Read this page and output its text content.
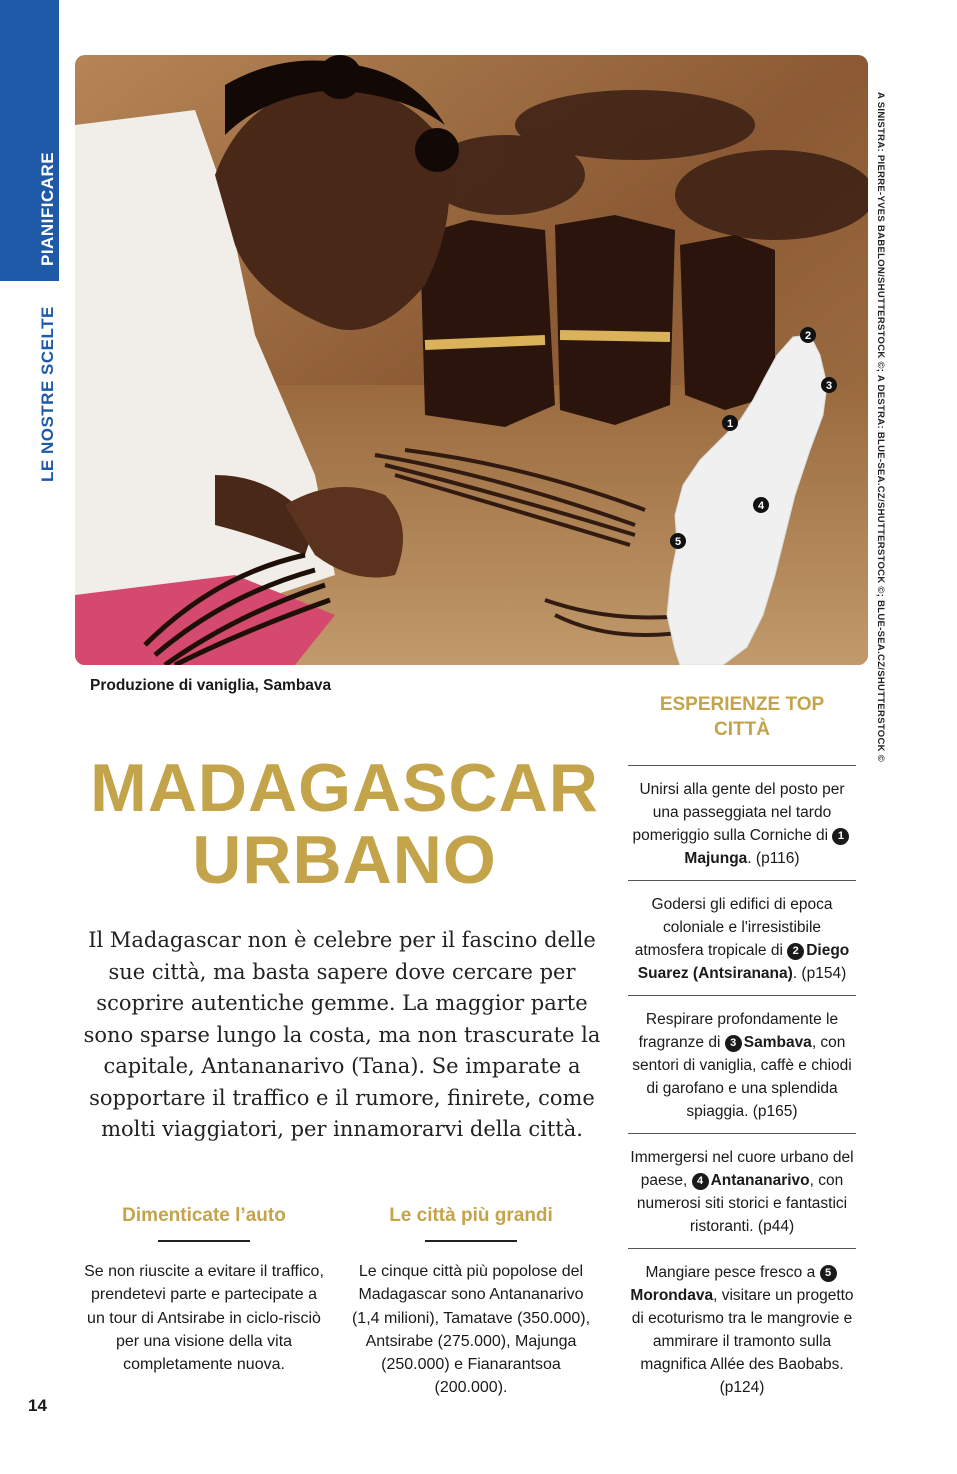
PIANIFICARE
LE NOSTRE SCELTE	2
3
1
4
5	A SINISTRA: PIERRE-YVES BABELON/SHUTTERSTOCK ©; A DESTRA: BLUE-SEA.CZ/SHUTTERSTOCK ©; BLUE-SEA.CZ/SHUTTERSTOCK ©
Produzione di vaniglia, Sambava
MADAGASCAR
URBANO

Il Madagascar non è celebre per il fascino delle sue città, ma basta sapere dove cercare per scoprire autentiche gemme. La maggior parte sono sparse lungo la costa, ma non trascurate la capitale, Antananarivo (Tana). Se imparate a sopportare il traffico e il rumore, finirete, come molti viaggiatori, per innamorarvi della città.

Dimenticate l’auto

Se non riuscite a evitare il traffico, prendetevi parte e partecipate a un tour di Antsirabe in ciclo-risciò per una visione della vita completamente nuova.

Le città più grandi

Le cinque città più popolose del Madagascar sono Antananarivo (1,4 milioni), Tamatave (350.000), Antsirabe (275.000), Majunga (250.000) e Fianarantsoa (200.000).

14
ESPERIENZE TOP
CITTÀ
Unirsi alla gente del posto per una passeggiata nel tardo pomeriggio sulla Corniche di 1Majunga. (p116)
Godersi gli edifici di epoca coloniale e l'irresistibile atmosfera tropicale di 2 Diego Suarez (Antsiranana). (p154)
Respirare profondamente le fragranze di 3 Sambava, con sentori di vaniglia, caffè e chiodi di garofano e una splendida spiaggia. (p165)
Immergersi nel cuore urbano del paese, 4 Antananarivo, con numerosi siti storici e fantastici ristoranti. (p44)
Mangiare pesce fresco a 5Morondava, visitare un progetto di ecoturismo tra le mangrovie e ammirare il tramonto sulla magnifica Allée des Baobabs. (p124)
